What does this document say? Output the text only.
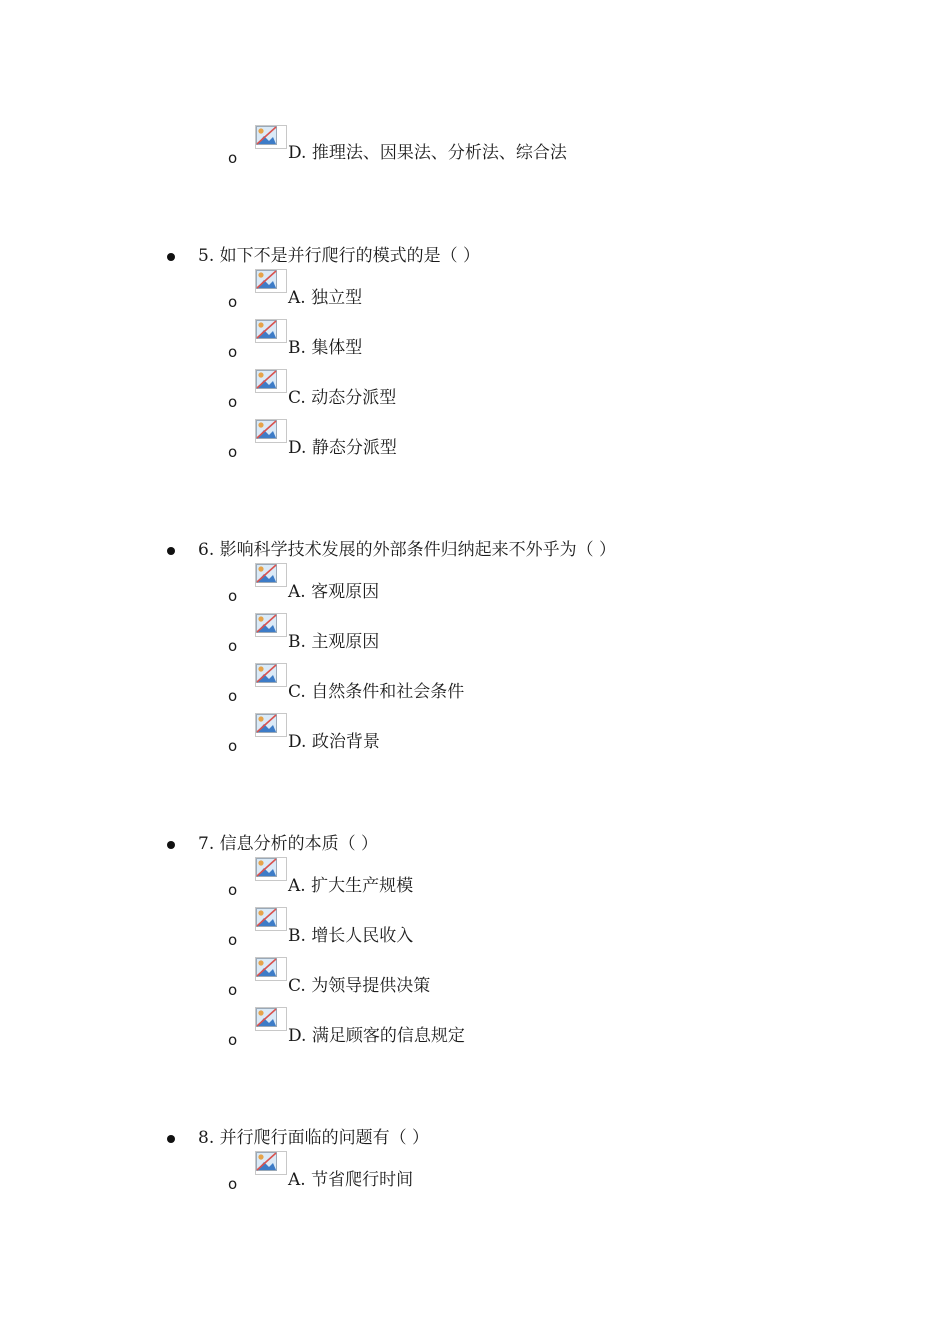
o	D. 推理法、因果法、分析法、综合法
5. 如下不是并行爬行的模式的是（ ）
o	A. 独立型
o	B. 集体型
o	C. 动态分派型
o	D. 静态分派型
6. 影响科学技术发展的外部条件归纳起来不外乎为（ ）
o	A. 客观原因
o	B. 主观原因
o	C. 自然条件和社会条件
o	D. 政治背景
7. 信息分析的本质（ ）
o	A. 扩大生产规模
o	B. 增长人民收入
o	C. 为领导提供决策
o	D. 满足顾客的信息规定
8. 并行爬行面临的问题有（ ）
o	A. 节省爬行时间
